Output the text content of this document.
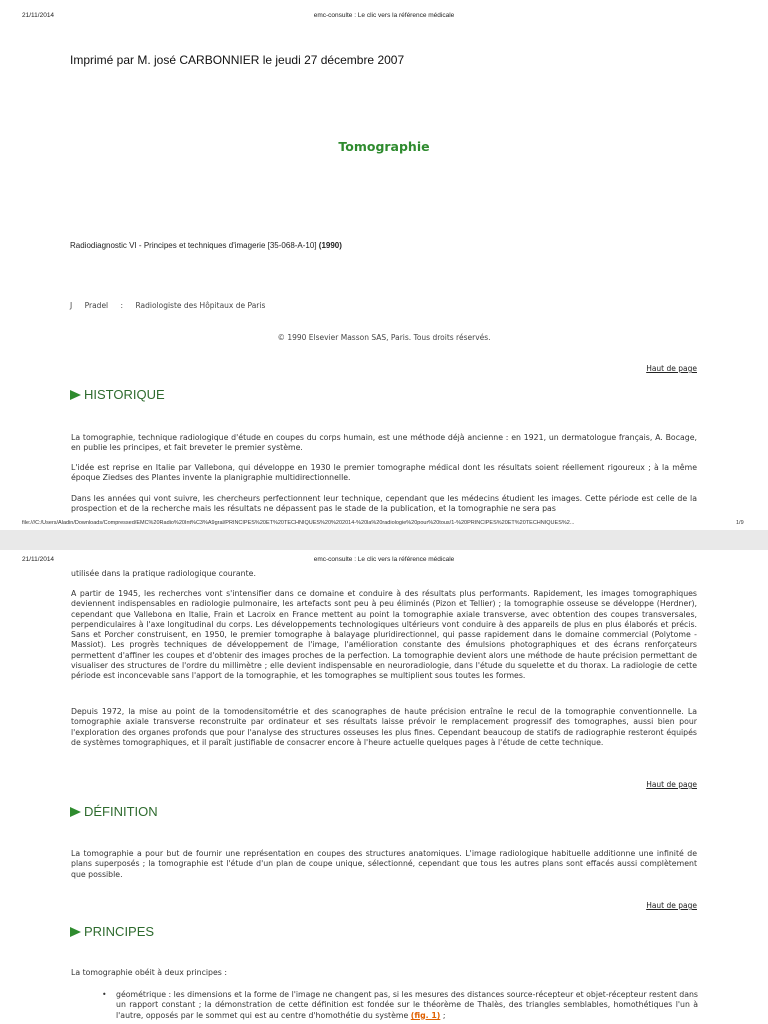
21/11/2014	emc-consulte : Le clic vers la référence médicale
Imprimé par M. josé CARBONNIER le jeudi 27 décembre 2007
Tomographie
Radiodiagnostic VI - Principes et techniques d'imagerie [35-068-A-10] (1990)
J Pradel : Radiologiste des Hôpitaux de Paris
© 1990 Elsevier Masson SAS, Paris. Tous droits réservés.
Haut de page
HISTORIQUE

La tomographie, technique radiologique d'étude en coupes du corps humain, est une méthode déjà ancienne : en 1921, un dermatologue français, A. Bocage, en publie les principes, et fait breveter le premier système.

L'idée est reprise en Italie par Vallebona, qui développe en 1930 le premier tomographe médical dont les résultats soient réellement rigoureux ; à la même époque Ziedses des Plantes invente la planigraphie multidirectionnelle.

Dans les années qui vont suivre, les chercheurs perfectionnent leur technique, cependant que les médecins étudient les images. Cette période est celle de la prospection et de la recherche mais les résultats ne dépassent pas le stade de la publication, et la tomographie ne sera pas

file:///C:/Users/Aladin/Downloads/Compressed/EMC%20Radio%20Int%C3%A9gral/PRINCIPES%20ET%20TECHNIQUES%20%202014-%20la%20radiologie%20pour%20tous/1-%20PRINCIPES%20ET%20TECHNIQUES%2...	1/9
21/11/2014	emc-consulte : Le clic vers la référence médicale

utilisée dans la pratique radiologique courante.

A partir de 1945, les recherches vont s'intensifier dans ce domaine et conduire à des résultats plus performants. Rapidement, les images tomographiques deviennent indispensables en radiologie pulmonaire, les artefacts sont peu à peu éliminés (Pizon et Tellier) ; la tomographie osseuse se développe (Herdner), cependant que Vallebona en Italie, Frain et Lacroix en France mettent au point la tomographie axiale transverse, avec obtention des coupes transversales, perpendiculaires à l'axe longitudinal du corps. Les développements technologiques ultérieurs vont conduire à des appareils de plus en plus élaborés et précis. Sans et Porcher construisent, en 1950, le premier tomographe à balayage pluridirectionnel, qui passe rapidement dans le domaine commercial (Polytome - Massiot). Les progrès techniques de développement de l'image, l'amélioration constante des émulsions photographiques et des écrans renforçateurs permettent d'affiner les coupes et d'obtenir des images proches de la perfection. La tomographie devient alors une méthode de haute précision permettant de visualiser des structures de l'ordre du millimètre ; elle devient indispensable en neuroradiologie, dans l'étude du squelette et du thorax. La radiologie de cette période est inconcevable sans l'apport de la tomographie, et les tomographes se multiplient sous toutes les formes.

Depuis 1972, la mise au point de la tomodensitométrie et des scanographes de haute précision entraîne le recul de la tomographie conventionnelle. La tomographie axiale transverse reconstruite par ordinateur et ses résultats laisse prévoir le remplacement progressif des tomographes, aussi bien pour l'exploration des organes profonds que pour l'analyse des structures osseuses les plus fines. Cependant beaucoup de statifs de radiographie resteront équipés de systèmes tomographiques, et il paraît justifiable de consacrer encore à l'heure actuelle quelques pages à l'étude de cette technique.

Haut de page
DÉFINITION

La tomographie a pour but de fournir une représentation en coupes des structures anatomiques. L'image radiologique habituelle additionne une infinité de plans superposés ; la tomographie est l'étude d'un plan de coupe unique, sélectionné, cependant que tous les autres plans sont effacés aussi complètement que possible.

Haut de page
PRINCIPES

La tomographie obéit à deux principes :

• géométrique : les dimensions et la forme de l'image ne changent pas, si les mesures des distances source-récepteur et objet-récepteur restent dans un rapport constant ; la démonstration de cette définition est fondée sur le théorème de Thalès, des triangles semblables, homothétiques l'un à l'autre, opposés par le sommet qui est au centre d'homothétie du système (fig. 1) ;
